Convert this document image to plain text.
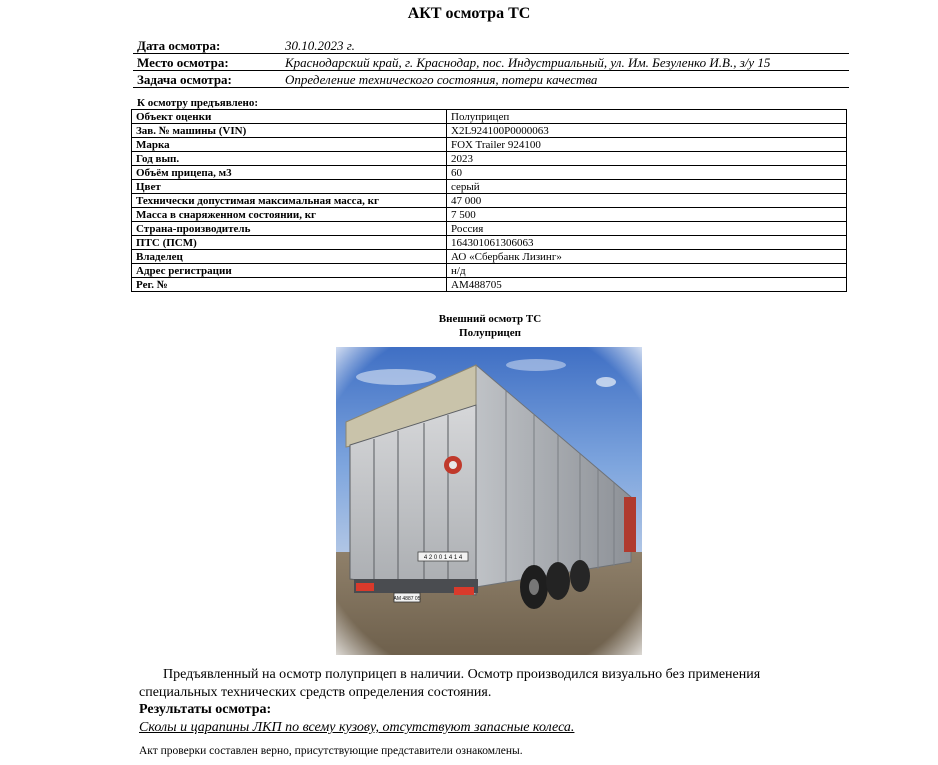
АКТ осмотра ТС
Дата осмотра:	30.10.2023 г.
Место осмотра:	Краснодарский край, г. Краснодар, пос. Индустриальный, ул. Им. Безуленко И.В., з/у 15
Задача осмотра:	Определение технического состояния, потери качества
К осмотру предъявлено:
Объект оценки	Полуприцеп
Зав. № машины (VIN)	X2L924100P0000063
Марка	FOX Trailer 924100
Год вып.	2023
Объём прицепа, м3	60
Цвет	серый
Технически допустимая максимальная масса, кг	47 000
Масса в снаряженном состоянии, кг	7 500
Страна-производитель	Россия
ПТС (ПСМ)	164301061306063
Владелец	АО «Сбербанк Лизинг»
Адрес регистрации	н/д
Рег. №	АМ488705
Внешний осмотр ТС
Полуприцеп
Предъявленный на осмотр полуприцеп в наличии. Осмотр производился визуально без применения
специальных технических средств определения состояния.
Результаты осмотра:
Сколы и царапины ЛКП по всему кузову, отсутствуют запасные колеса.
Акт проверки составлен верно, присутствующие представители ознакомлены.
